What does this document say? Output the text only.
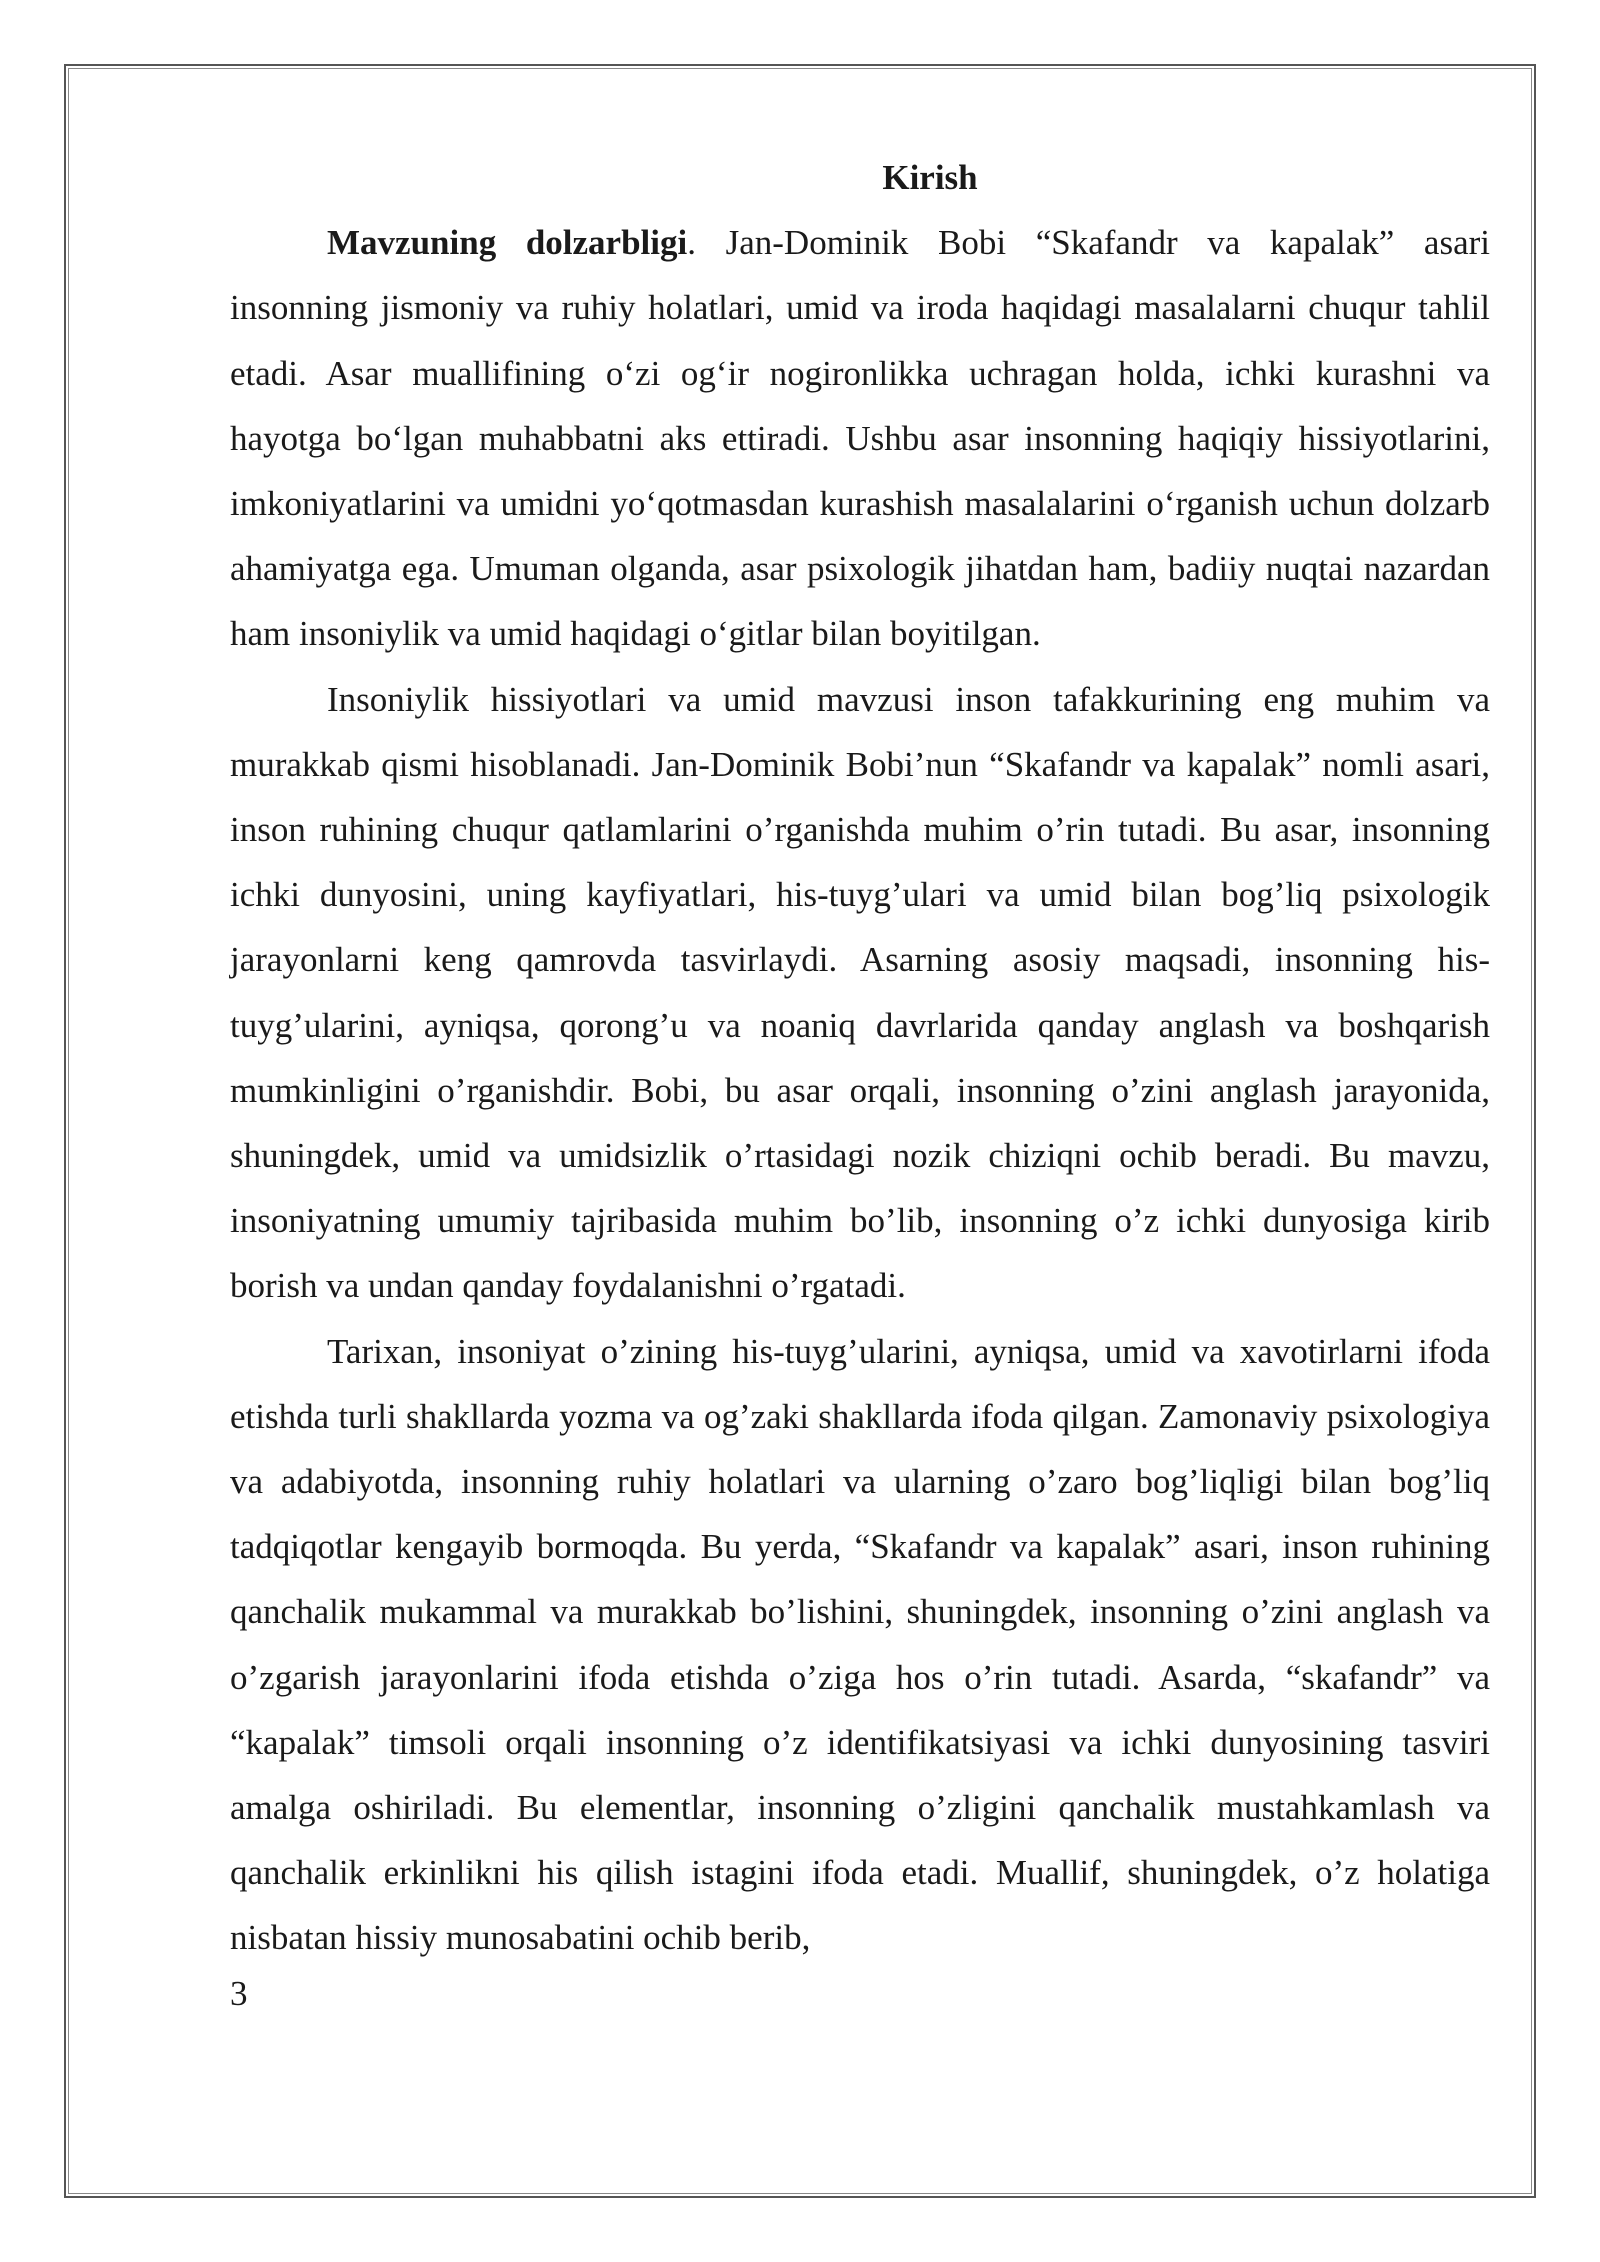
Kirish

Mavzuning dolzarbligi. Jan-Dominik Bobi “Skafandr va kapalak” asari insonning jismoniy va ruhiy holatlari, umid va iroda haqidagi masalalarni chuqur tahlil etadi. Asar muallifining oʻzi ogʻir nogironlikka uchragan holda, ichki kurashni va hayotga boʻlgan muhabbatni aks ettiradi. Ushbu asar insonning haqiqiy hissiyotlarini, imkoniyatlarini va umidni yoʻqotmasdan kurashish masalalarini oʻrganish uchun dolzarb ahamiyatga ega. Umuman olganda, asar psixologik jihatdan ham, badiiy nuqtai nazardan ham insoniylik va umid haqidagi oʻgitlar bilan boyitilgan.

Insoniylik hissiyotlari va umid mavzusi inson tafakkurining eng muhim va murakkab qismi hisoblanadi. Jan-Dominik Bobi’nun “Skafandr va kapalak” nomli asari, inson ruhining chuqur qatlamlarini o’rganishda muhim o’rin tutadi. Bu asar, insonning ichki dunyosini, uning kayfiyatlari, his-tuyg’ulari va umid bilan bog’liq psixologik jarayonlarni keng qamrovda tasvirlaydi. Asarning asosiy maqsadi, insonning his-tuyg’ularini, ayniqsa, qorong’u va noaniq davrlarida qanday anglash va boshqarish mumkinligini o’rganishdir. Bobi, bu asar orqali, insonning o’zini anglash jarayonida, shuningdek, umid va umidsizlik o’rtasidagi nozik chiziqni ochib beradi. Bu mavzu, insoniyatning umumiy tajribasida muhim bo’lib, insonning o’z ichki dunyosiga kirib borish va undan qanday foydalanishni o’rgatadi.

Tarixan, insoniyat o’zining his-tuyg’ularini, ayniqsa, umid va xavotirlarni ifoda etishda turli shakllarda yozma va og’zaki shakllarda ifoda qilgan. Zamonaviy psixologiya va adabiyotda, insonning ruhiy holatlari va ularning o’zaro bog’liqligi bilan bog’liq tadqiqotlar kengayib bormoqda. Bu yerda, “Skafandr va kapalak” asari, inson ruhining qanchalik mukammal va murakkab bo’lishini, shuningdek, insonning o’zini anglash va o’zgarish jarayonlarini ifoda etishda o’ziga hos o’rin tutadi. Asarda, “skafandr” va “kapalak” timsoli orqali insonning o’z identifikatsiyasi va ichki dunyosining tasviri amalga oshiriladi. Bu elementlar, insonning o’zligini qanchalik mustahkamlash va qanchalik erkinlikni his qilish istagini ifoda etadi. Muallif, shuningdek, o’z holatiga nisbatan hissiy munosabatini ochib berib,

3
